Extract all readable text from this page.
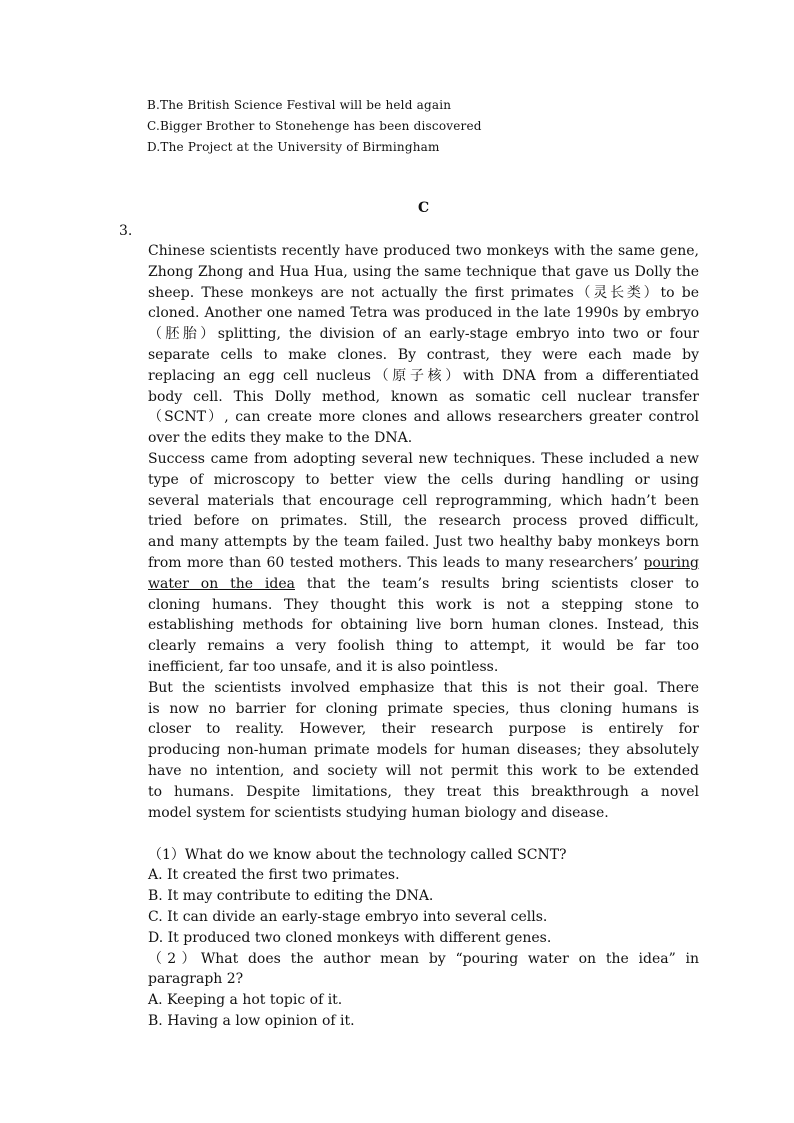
B.The British Science Festival will be held again
C.Bigger Brother to Stonehenge has been discovered
D.The Project at the University of Birmingham
C
3.
Chinese scientists recently have produced two monkeys with the same gene,
Zhong Zhong and Hua Hua, using the same technique that gave us Dolly the
sheep. These monkeys are not actually the first primates（灵长类）to be
cloned. Another one named Tetra was produced in the late 1990s by embryo
（胚胎）splitting, the division of an early-stage embryo into two or four
separate cells to make clones. By contrast, they were each made by
replacing an egg cell nucleus（原子核）with DNA from a differentiated
body cell. This Dolly method, known as somatic cell nuclear transfer
（SCNT）, can create more clones and allows researchers greater control
over the edits they make to the DNA.
Success came from adopting several new techniques. These included a new
type of microscopy to better view the cells during handling or using
several materials that encourage cell reprogramming, which hadn’t been
tried before on primates. Still, the research process proved difficult,
and many attempts by the team failed. Just two healthy baby monkeys born
from more than 60 tested mothers. This leads to many researchers’ pouring
water on the idea that the team’s results bring scientists closer to
cloning humans. They thought this work is not a stepping stone to
establishing methods for obtaining live born human clones. Instead, this
clearly remains a very foolish thing to attempt, it would be far too
inefficient, far too unsafe, and it is also pointless.
But the scientists involved emphasize that this is not their goal. There
is now no barrier for cloning primate species, thus cloning humans is
closer to reality. However, their research purpose is entirely for
producing non-human primate models for human diseases; they absolutely
have no intention, and society will not permit this work to be extended
to humans. Despite limitations, they treat this breakthrough a novel
model system for scientists studying human biology and disease.
（1）What do we know about the technology called SCNT?
A. It created the first two primates.
B. It may contribute to editing the DNA.
C. It can divide an early-stage embryo into several cells.
D. It produced two cloned monkeys with different genes.
（2）What does the author mean by “pouring water on the idea” in
paragraph 2?
A. Keeping a hot topic of it.
B. Having a low opinion of it.
